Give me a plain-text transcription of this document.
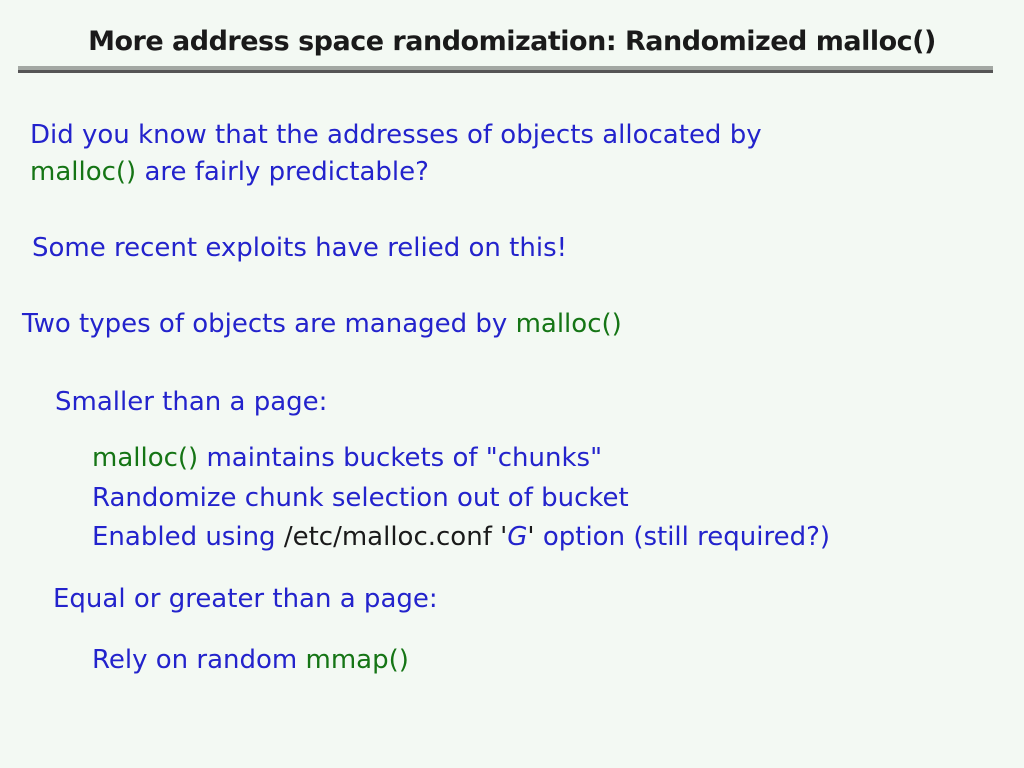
More address space randomization: Randomized malloc()
Did you know that the addresses of objects allocated by
malloc() are fairly predictable?
Some recent exploits have relied on this!
Two types of objects are managed by malloc()
Smaller than a page:
malloc() maintains buckets of "chunks"
Randomize chunk selection out of bucket
Enabled using /etc/malloc.conf 'G' option (still required?)
Equal or greater than a page:
Rely on random mmap()
